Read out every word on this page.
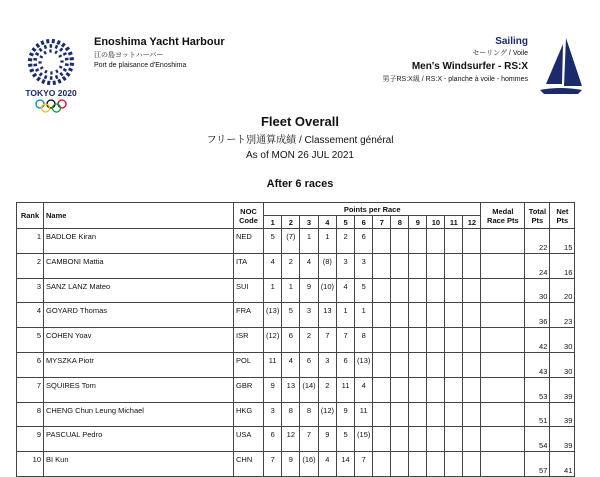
TOKYO 2020
Enoshima Yacht Harbour
江の島ヨットハーバー
Port de plaisance d'Enoshima
Sailing
セーリング / Voile
Men's Windsurfer - RS:X
男子RS:X級 / RS:X - planche à voile - hommes
Fleet Overall
フリート別通算成績 / Classement général
As of MON 26 JUL 2021
After 6 races
Rank	Name	NOC Code	Points per Race												Medal Race Pts	Total Pts	Net Pts
			1	2	3	4	5	6	7	8	9	10	11	12			
1	BADLOE Kiran	NED	5	(7)	1	1	2	6								22	15
2	CAMBONI Mattia	ITA	4	2	4	(8)	3	3								24	16
3	SANZ LANZ Mateo	SUI	1	1	9	(10)	4	5								30	20
4	GOYARD Thomas	FRA	(13)	5	3	13	1	1								36	23
5	COHEN Yoav	ISR	(12)	6	2	7	7	8								42	30
6	MYSZKA Piotr	POL	11	4	6	3	6	(13)								43	30
7	SQUIRES Tom	GBR	9	13	(14)	2	11	4								53	39
8	CHENG Chun Leung Michael	HKG	3	8	8	(12)	9	11								51	39
9	PASCUAL Pedro	USA	6	12	7	9	5	(15)								54	39
10	BI Kun	CHN	7	9	(16)	4	14	7								57	41
